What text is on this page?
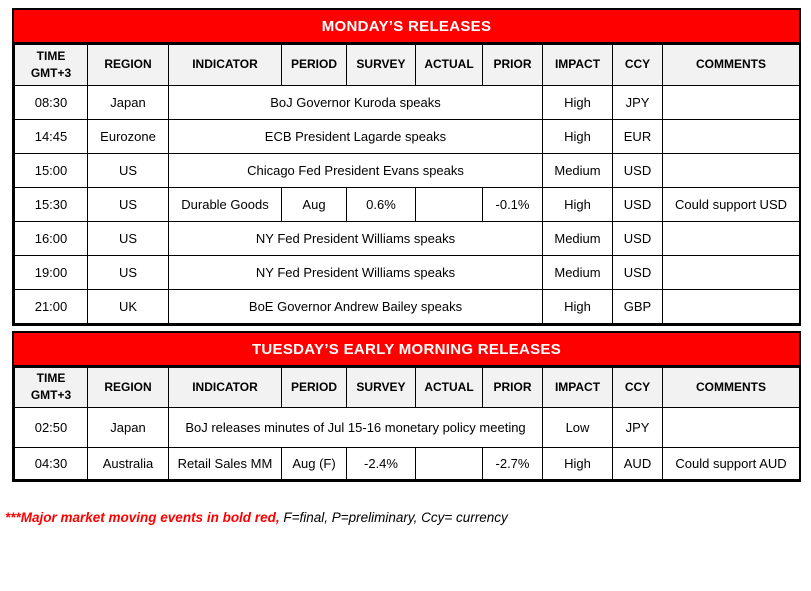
MONDAY’S RELEASES
TIME
GMT+3	REGION	INDICATOR	PERIOD	SURVEY	ACTUAL	PRIOR	IMPACT	CCY	COMMENTS
08:30	Japan	BoJ Governor Kuroda speaks					High	JPY	
14:45	Eurozone	ECB President Lagarde speaks					High	EUR	
15:00	US	Chicago Fed President Evans speaks					Medium	USD	
15:30	US	Durable Goods	Aug	0.6%		-0.1%	High	USD	Could support USD
16:00	US	NY Fed President Williams speaks					Medium	USD	
19:00	US	NY Fed President Williams speaks					Medium	USD	
21:00	UK	BoE Governor Andrew Bailey speaks					High	GBP	
TUESDAY’S EARLY MORNING RELEASES
TIME
GMT+3	REGION	INDICATOR	PERIOD	SURVEY	ACTUAL	PRIOR	IMPACT	CCY	COMMENTS
02:50	Japan	BoJ releases minutes of Jul 15-16 monetary policy meeting					Low	JPY	
04:30	Australia	Retail Sales MM	Aug (F)	-2.4%		-2.7%	High	AUD	Could support AUD
***Major market moving events in bold red, F=final, P=preliminary, Ccy= currency
